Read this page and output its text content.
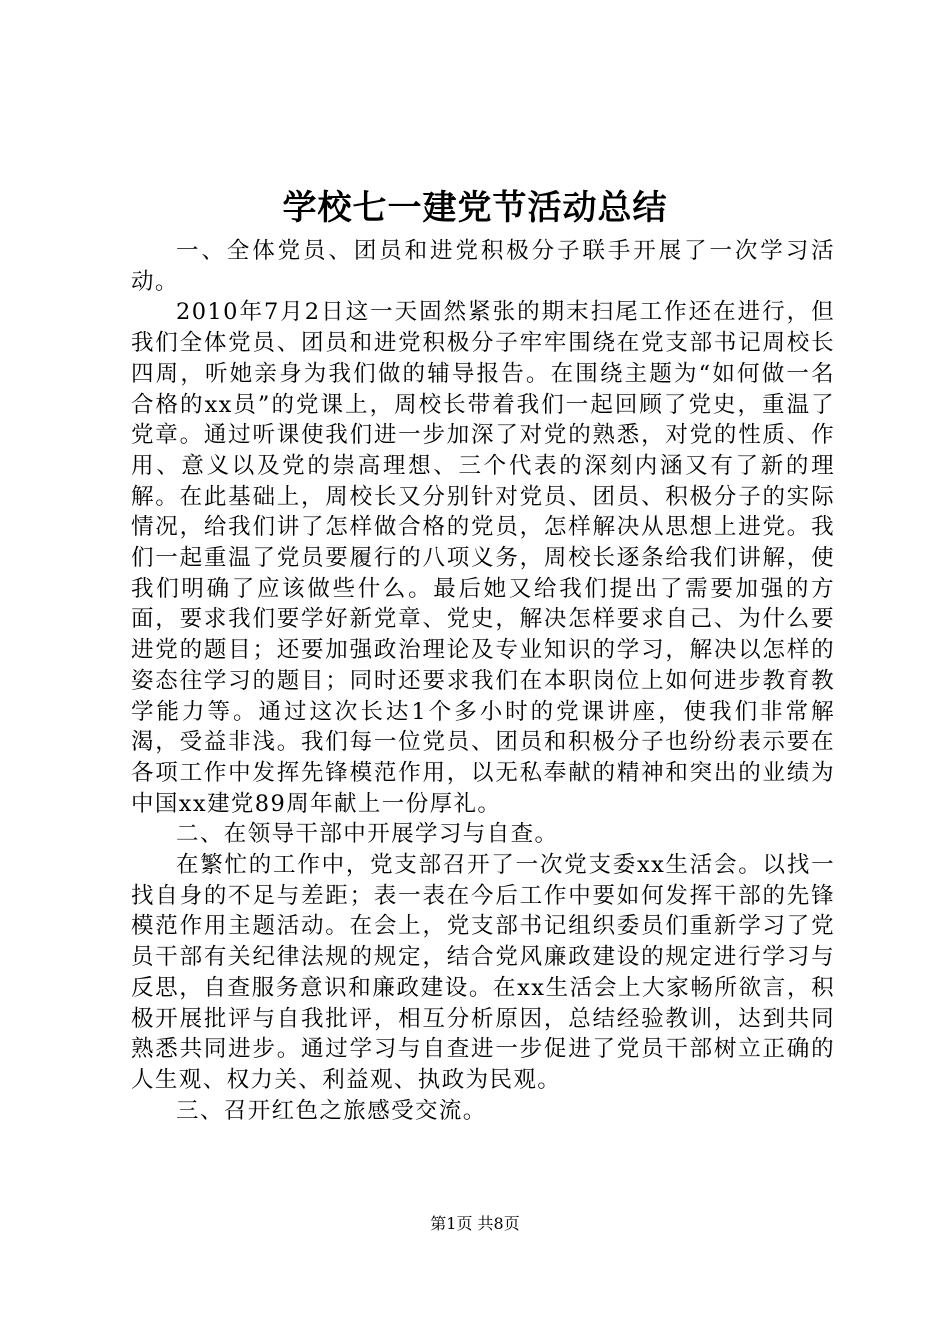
学校七一建党节活动总结

一、全体党员、团员和进党积极分子联手开展了一次学习活动。

2010年7月2日这一天固然紧张的期末扫尾工作还在进行，但我们全体党员、团员和进党积极分子牢牢围绕在党支部书记周校长四周，听她亲身为我们做的辅导报告。在围绕主题为“如何做一名合格的xx员”的党课上，周校长带着我们一起回顾了党史，重温了党章。通过听课使我们进一步加深了对党的熟悉，对党的性质、作用、意义以及党的崇高理想、三个代表的深刻内涵又有了新的理解。在此基础上，周校长又分别针对党员、团员、积极分子的实际情况，给我们讲了怎样做合格的党员，怎样解决从思想上进党。我们一起重温了党员要履行的八项义务，周校长逐条给我们讲解，使我们明确了应该做些什么。最后她又给我们提出了需要加强的方面，要求我们要学好新党章、党史，解决怎样要求自己、为什么要进党的题目；还要加强政治理论及专业知识的学习，解决以怎样的姿态往学习的题目；同时还要求我们在本职岗位上如何进步教育教学能力等。通过这次长达1个多小时的党课讲座，使我们非常解渴，受益非浅。我们每一位党员、团员和积极分子也纷纷表示要在各项工作中发挥先锋模范作用，以无私奉献的精神和突出的业绩为中国xx建党89周年献上一份厚礼。

二、在领导干部中开展学习与自查。

在繁忙的工作中，党支部召开了一次党支委xx生活会。以找一找自身的不足与差距；表一表在今后工作中要如何发挥干部的先锋模范作用主题活动。在会上，党支部书记组织委员们重新学习了党员干部有关纪律法规的规定，结合党风廉政建设的规定进行学习与反思，自查服务意识和廉政建设。在xx生活会上大家畅所欲言，积极开展批评与自我批评，相互分析原因，总结经验教训，达到共同熟悉共同进步。通过学习与自查进一步促进了党员干部树立正确的人生观、权力关、利益观、执政为民观。

三、召开红色之旅感受交流。

第1页 共8页
